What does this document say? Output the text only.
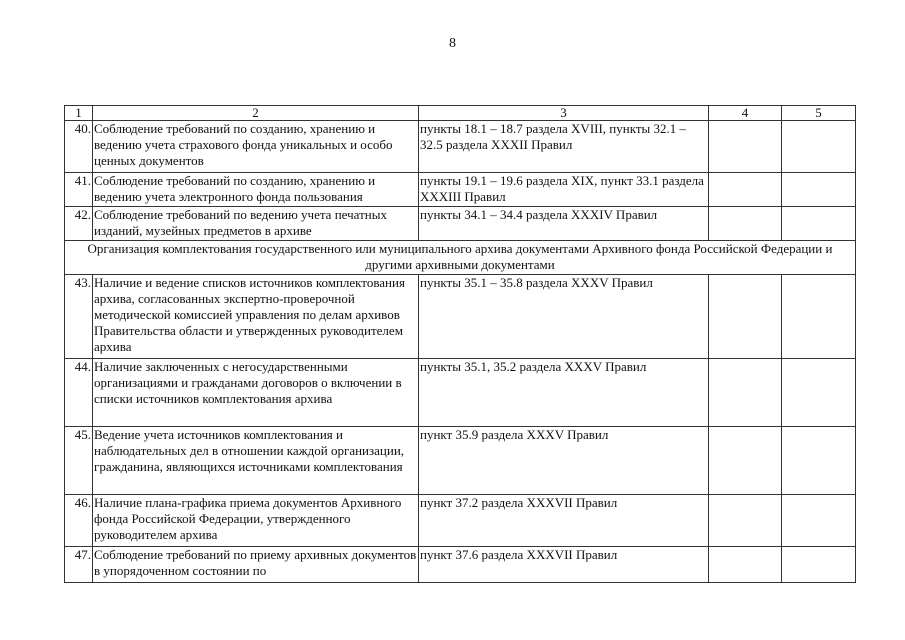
8
1	2	3	4	5
40.	Соблюдение требований по созданию, хранению и ведению учета страхового фонда уникальных и особо ценных документов	пункты 18.1 – 18.7 раздела XVIII, пункты 32.1 – 32.5 раздела XXXII Правил		
41.	Соблюдение требований по созданию, хранению и ведению учета электронного фонда пользования	пункты 19.1 – 19.6 раздела XIX, пункт 33.1 раздела XXXIII Правил		
42.	Соблюдение требований по ведению учета печатных изданий, музейных предметов в архиве	пункты 34.1 – 34.4 раздела XXXIV Правил		
Организация комплектования государственного или муниципального архива документами Архивного фонда Российской Федерации и другими архивными документами				
43.	Наличие и ведение списков источников комплектования архива, согласованных экспертно-проверочной методической комиссией управления по делам архивов Правительства области и утвержденных руководителем архива	пункты 35.1 – 35.8 раздела XXXV Правил		
44.	Наличие заключенных с негосударственными организациями и гражданами договоров о включении в списки источников комплектования архива	пункты 35.1, 35.2 раздела XXXV Правил		
45.	Ведение учета источников комплектования и наблюдательных дел в отношении каждой организации, гражданина, являющихся источниками комплектования	пункт 35.9 раздела XXXV Правил		
46.	Наличие плана-графика приема документов Архивного фонда Российской Федерации, утвержденного руководителем архива	пункт 37.2 раздела XXXVII Правил		
47.	Соблюдение требований по приему архивных документов в упорядоченном состоянии по	пункт 37.6 раздела XXXVII Правил		
